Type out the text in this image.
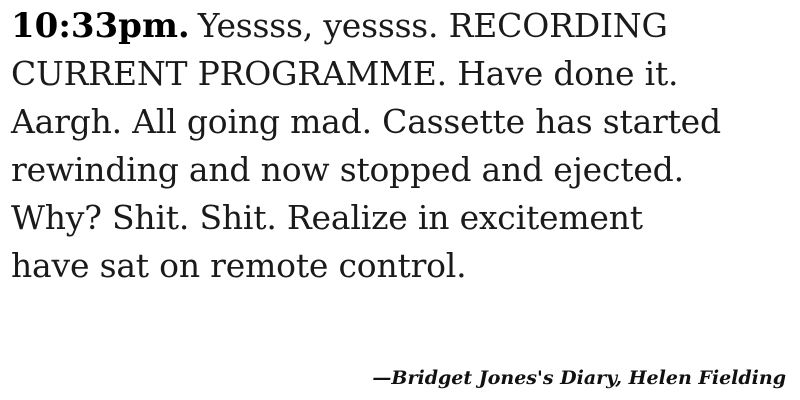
10:33pm. Yessss, yessss. RECORDING
CURRENT PROGRAMME. Have done it.
Aargh. All going mad. Cassette has started
rewinding and now stopped and ejected.
Why? Shit. Shit. Realize in excitement
have sat on remote control.
—Bridget Jones's Diary, Helen Fielding
